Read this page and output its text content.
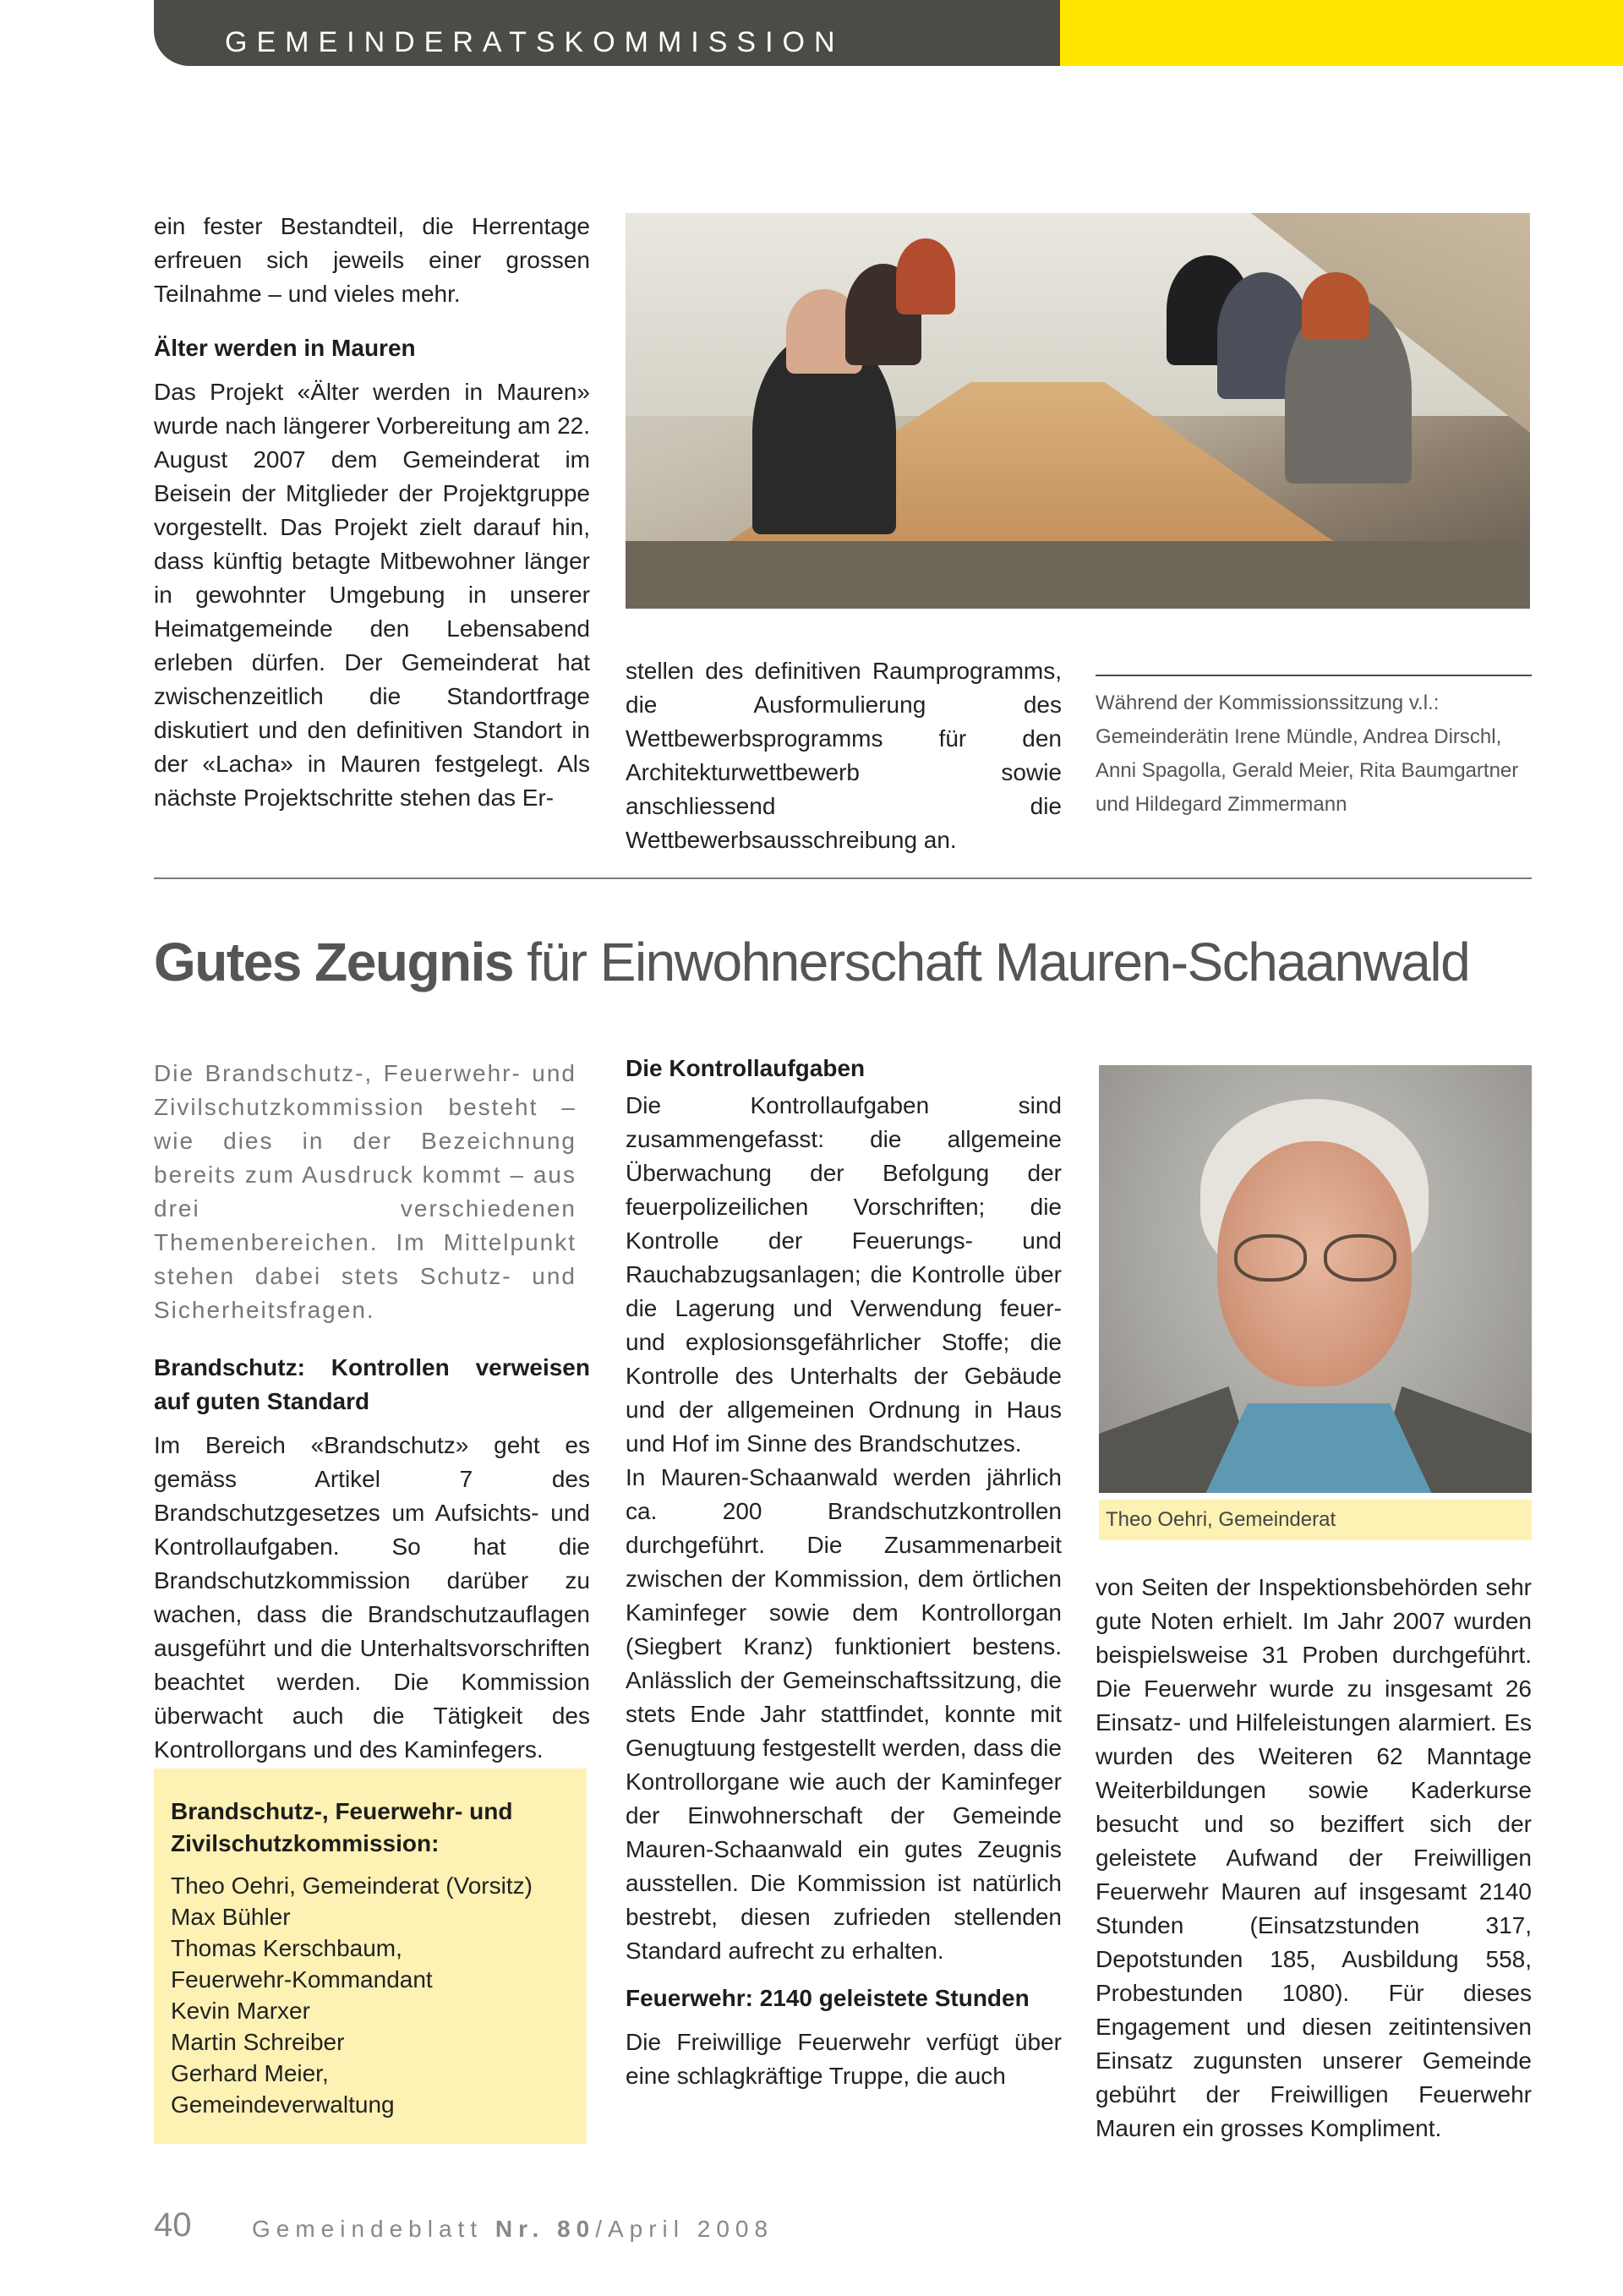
GEMEINDERATSKOMMISSION

ein fester Bestandteil, die Herrentage erfreuen sich jeweils einer grossen Teilnahme – und vieles mehr.

Älter werden in Mauren

Das Projekt «Älter werden in Mauren» wurde nach längerer Vorbereitung am 22. August 2007 dem Gemeinderat im Beisein der Mitglieder der Projektgruppe vorgestellt. Das Projekt zielt darauf hin, dass künftig betagte Mitbewohner länger in gewohnter Umgebung in unserer Heimatgemeinde den Lebensabend erleben dürfen. Der Gemeinderat hat zwischenzeitlich die Standortfrage diskutiert und den definitiven Standort in der «Lacha» in Mauren festgelegt. Als nächste Projektschritte stehen das Er-

stellen des definitiven Raumprogramms, die Ausformulierung des Wettbewerbsprogramms für den Architekturwettbewerb sowie anschliessend die Wettbewerbsausschreibung an.

Während der Kommissionssitzung v.l.: Gemeinderätin Irene Mündle, Andrea Dirschl, Anni Spagolla, Gerald Meier, Rita Baumgartner und Hildegard Zimmermann
Gutes Zeugnis für Einwohnerschaft Mauren-Schaanwald

Die Brandschutz-, Feuerwehr- und Zivilschutzkommission besteht – wie dies in der Bezeichnung bereits zum Ausdruck kommt – aus drei verschiedenen Themenbereichen. Im Mittelpunkt stehen dabei stets Schutz- und Sicherheitsfragen.

Brandschutz: Kontrollen verweisen auf guten Standard

Im Bereich «Brandschutz» geht es gemäss Artikel 7 des Brandschutzgesetzes um Aufsichts- und Kontrollaufgaben. So hat die Brandschutzkommission darüber zu wachen, dass die Brandschutzauflagen ausgeführt und die Unterhaltsvorschriften beachtet werden. Die Kommission überwacht auch die Tätigkeit des Kontrollorgans und des Kaminfegers.

Brandschutz-, Feuerwehr- und Zivilschutzkommission:
Theo Oehri, Gemeinderat (Vorsitz)
Max Bühler
Thomas Kerschbaum,
Feuerwehr-Kommandant
Kevin Marxer
Martin Schreiber
Gerhard Meier,
Gemeindeverwaltung

Die Kontrollaufgaben

Die Kontrollaufgaben sind zusammengefasst: die allgemeine Überwachung der Befolgung der feuerpolizeilichen Vorschriften; die Kontrolle der Feuerungs- und Rauchabzugsanlagen; die Kontrolle über die Lagerung und Verwendung feuer- und explosionsgefährlicher Stoffe; die Kontrolle des Unterhalts der Gebäude und der allgemeinen Ordnung in Haus und Hof im Sinne des Brandschutzes.

In Mauren-Schaanwald werden jährlich ca. 200 Brandschutzkontrollen durchgeführt. Die Zusammenarbeit zwischen der Kommission, dem örtlichen Kaminfeger sowie dem Kontrollorgan (Siegbert Kranz) funktioniert bestens. Anlässlich der Gemeinschaftssitzung, die stets Ende Jahr stattfindet, konnte mit Genugtuung festgestellt werden, dass die Kontrollorgane wie auch der Kaminfeger der Einwohnerschaft der Gemeinde Mauren-Schaanwald ein gutes Zeugnis ausstellen. Die Kommission ist natürlich bestrebt, diesen zufrieden stellenden Standard aufrecht zu erhalten.

Feuerwehr: 2140 geleistete Stunden

Die Freiwillige Feuerwehr verfügt über eine schlagkräftige Truppe, die auch

Theo Oehri, Gemeinderat

von Seiten der Inspektionsbehörden sehr gute Noten erhielt. Im Jahr 2007 wurden beispielsweise 31 Proben durchgeführt. Die Feuerwehr wurde zu insgesamt 26 Einsatz- und Hilfeleistungen alarmiert. Es wurden des Weiteren 62 Manntage Weiterbildungen sowie Kaderkurse besucht und so beziffert sich der geleistete Aufwand der Freiwilligen Feuerwehr Mauren auf insgesamt 2140 Stunden (Einsatzstunden 317, Depotstunden 185, Ausbildung 558, Probestunden 1080). Für dieses Engagement und diesen zeitintensiven Einsatz zugunsten unserer Gemeinde gebührt der Freiwilligen Feuerwehr Mauren ein grosses Kompliment.

40	Gemeindeblatt Nr. 80/April 2008
